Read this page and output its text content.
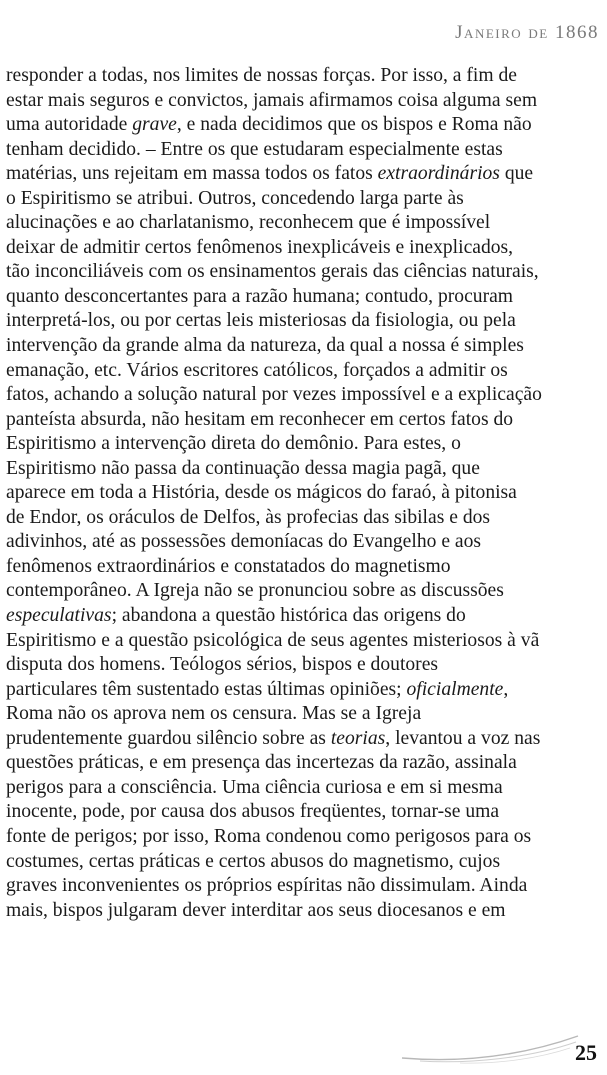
Janeiro de 1868
responder a todas, nos limites de nossas forças. Por isso, a fim de
estar mais seguros e convictos, jamais afirmamos coisa alguma sem
uma autoridade grave, e nada decidimos que os bispos e Roma não
tenham decidido. – Entre os que estudaram especialmente estas
matérias, uns rejeitam em massa todos os fatos extraordinários que
o Espiritismo se atribui. Outros, concedendo larga parte às
alucinações e ao charlatanismo, reconhecem que é impossível
deixar de admitir certos fenômenos inexplicáveis e inexplicados,
tão inconciliáveis com os ensinamentos gerais das ciências naturais,
quanto desconcertantes para a razão humana; contudo, procuram
interpretá-los, ou por certas leis misteriosas da fisiologia, ou pela
intervenção da grande alma da natureza, da qual a nossa é simples
emanação, etc. Vários escritores católicos, forçados a admitir os
fatos, achando a solução natural por vezes impossível e a explicação
panteísta absurda, não hesitam em reconhecer em certos fatos do
Espiritismo a intervenção direta do demônio. Para estes, o
Espiritismo não passa da continuação dessa magia pagã, que
aparece em toda a História, desde os mágicos do faraó, à pitonisa
de Endor, os oráculos de Delfos, às profecias das sibilas e dos
adivinhos, até as possessões demoníacas do Evangelho e aos
fenômenos extraordinários e constatados do magnetismo
contemporâneo. A Igreja não se pronunciou sobre as discussões
especulativas; abandona a questão histórica das origens do
Espiritismo e a questão psicológica de seus agentes misteriosos à vã
disputa dos homens. Teólogos sérios, bispos e doutores
particulares têm sustentado estas últimas opiniões; oficialmente,
Roma não os aprova nem os censura. Mas se a Igreja
prudentemente guardou silêncio sobre as teorias, levantou a voz nas
questões práticas, e em presença das incertezas da razão, assinala
perigos para a consciência. Uma ciência curiosa e em si mesma
inocente, pode, por causa dos abusos freqüentes, tornar-se uma
fonte de perigos; por isso, Roma condenou como perigosos para os
costumes, certas práticas e certos abusos do magnetismo, cujos
graves inconvenientes os próprios espíritas não dissimulam. Ainda
mais, bispos julgaram dever interditar aos seus diocesanos e em
25
